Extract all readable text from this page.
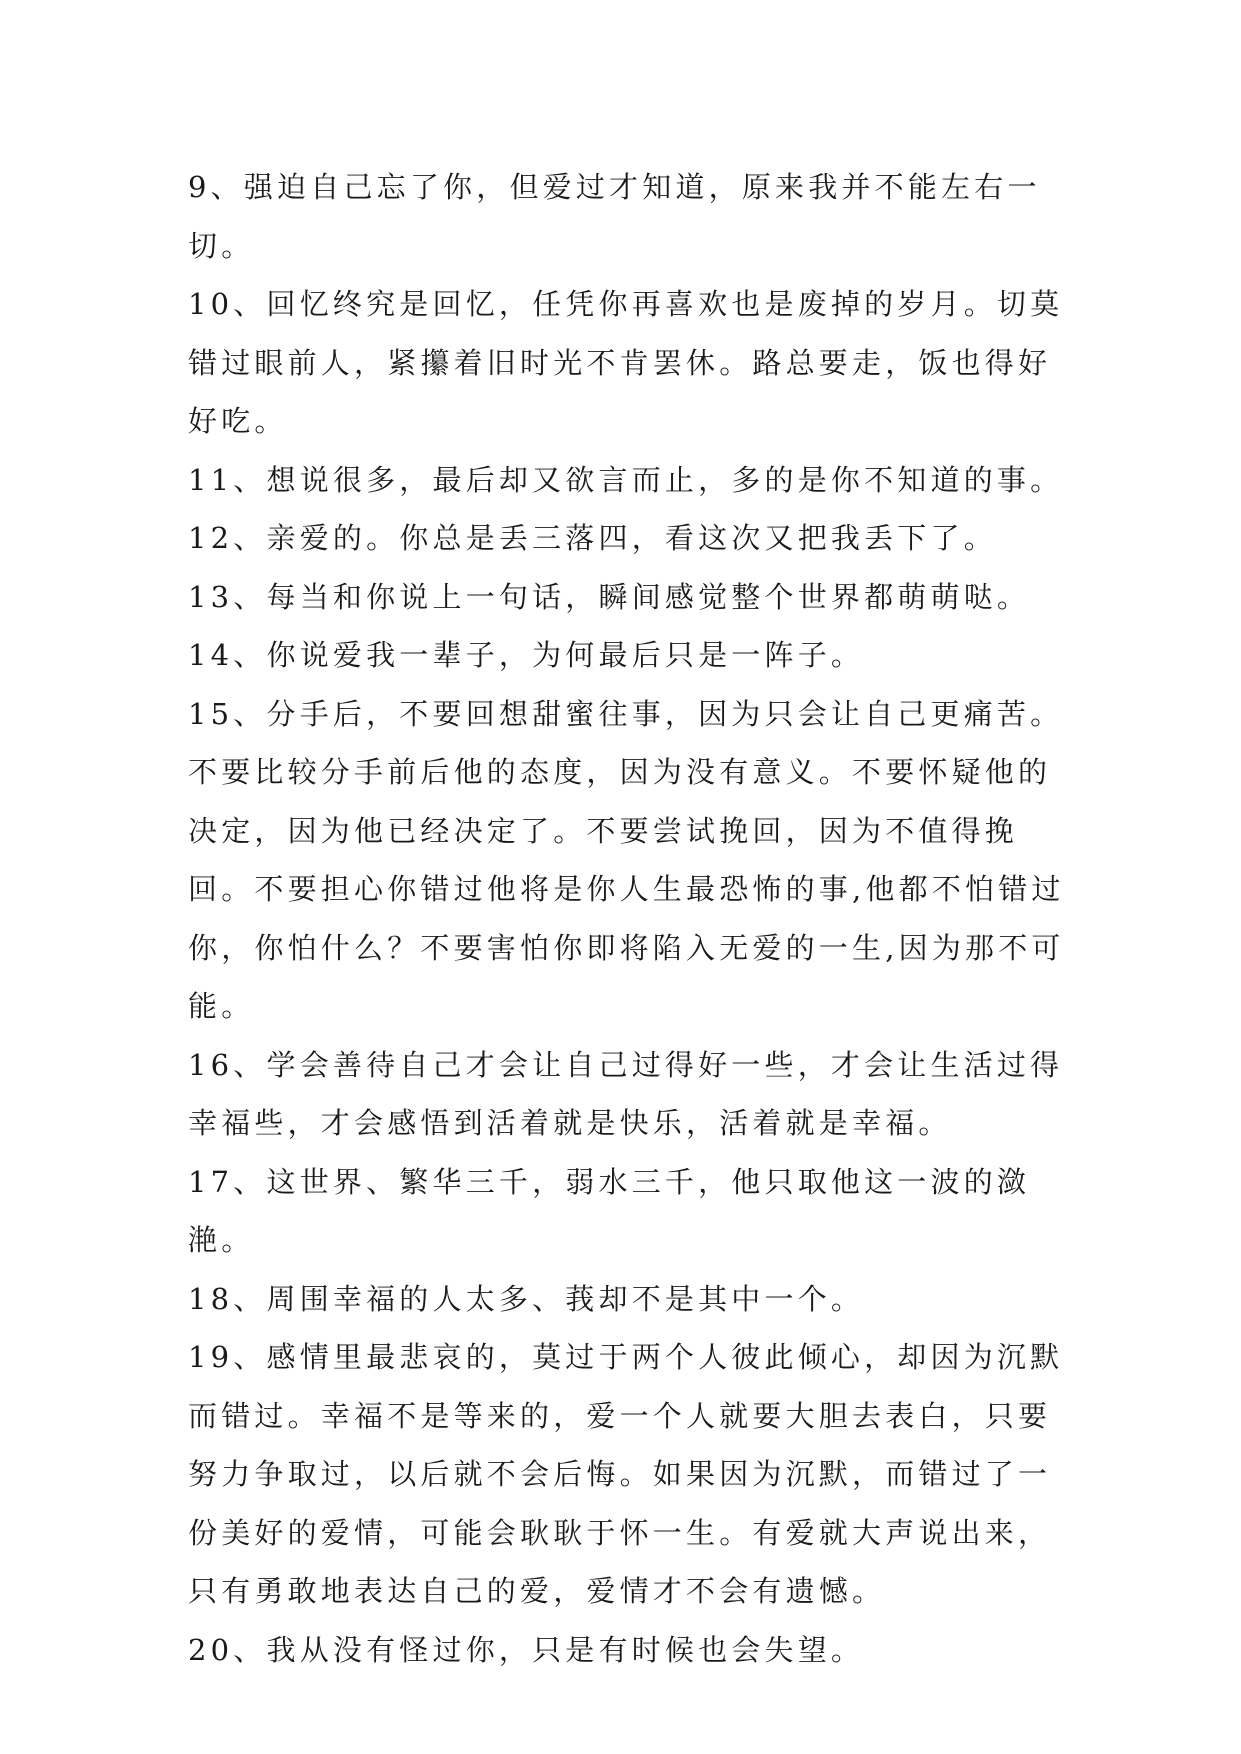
9、强迫自己忘了你，但爱过才知道，原来我并不能左右一切。

10、回忆终究是回忆，任凭你再喜欢也是废掉的岁月。切莫错过眼前人，紧攥着旧时光不肯罢休。路总要走，饭也得好好吃。

11、想说很多，最后却又欲言而止，多的是你不知道的事。

12、亲爱的。你总是丢三落四，看这次又把我丢下了。

13、每当和你说上一句话，瞬间感觉整个世界都萌萌哒。

14、你说爱我一辈子，为何最后只是一阵子。

15、分手后，不要回想甜蜜往事，因为只会让自己更痛苦。不要比较分手前后他的态度，因为没有意义。不要怀疑他的决定，因为他已经决定了。不要尝试挽回，因为不值得挽回。不要担心你错过他将是你人生最恐怖的事,他都不怕错过你，你怕什么？不要害怕你即将陷入无爱的一生,因为那不可能。

16、学会善待自己才会让自己过得好一些，才会让生活过得幸福些，才会感悟到活着就是快乐，活着就是幸福。

17、这世界、繁华三千，弱水三千，他只取他这一波的潋滟。

18、周围幸福的人太多、莪却不是其中一个。

19、感情里最悲哀的，莫过于两个人彼此倾心，却因为沉默而错过。幸福不是等来的，爱一个人就要大胆去表白，只要努力争取过，以后就不会后悔。如果因为沉默，而错过了一份美好的爱情，可能会耿耿于怀一生。有爱就大声说出来，只有勇敢地表达自己的爱，爱情才不会有遗憾。

20、我从没有怪过你，只是有时候也会失望。
